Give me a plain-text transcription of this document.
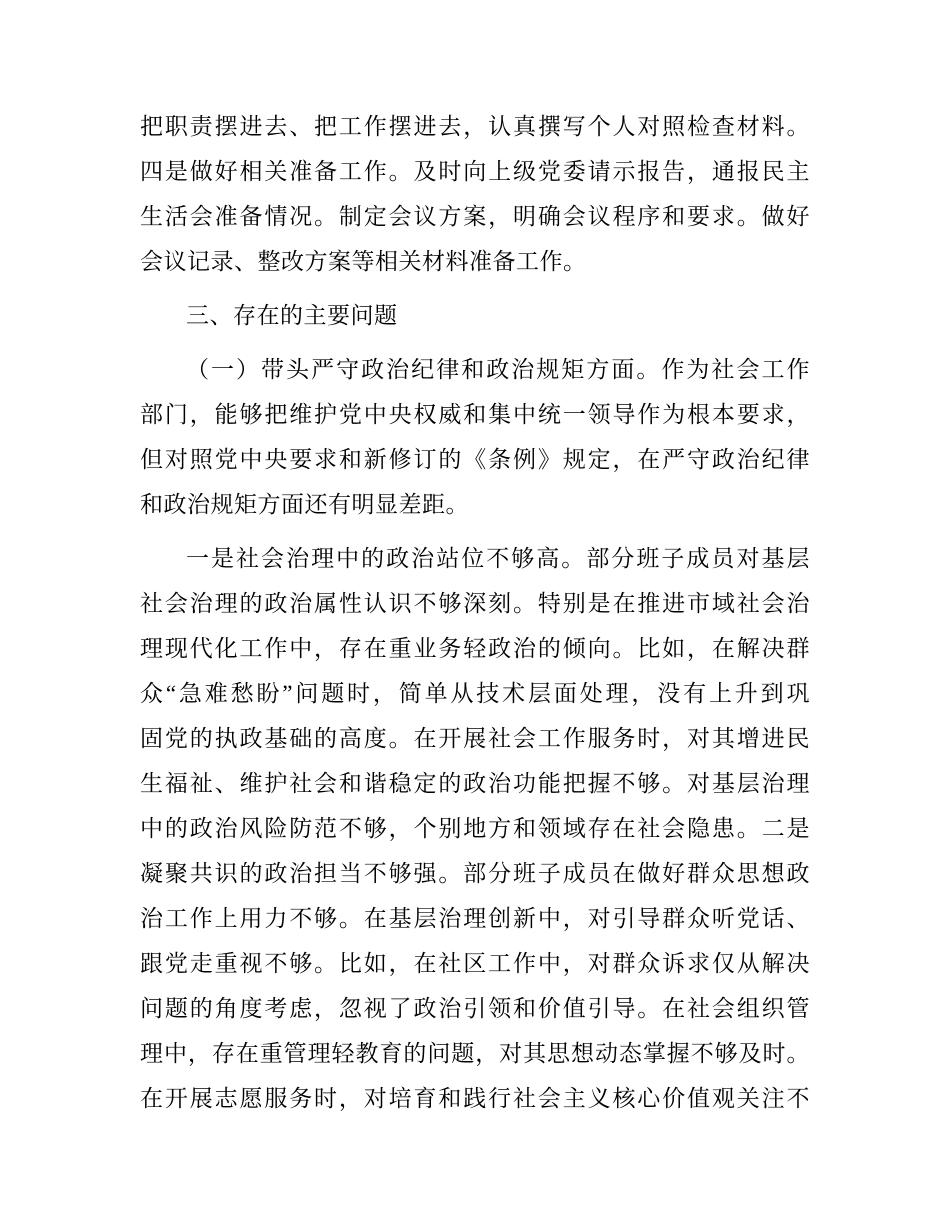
把职责摆进去、把工作摆进去，认真撰写个人对照检查材料。
四是做好相关准备工作。及时向上级党委请示报告，通报民主
生活会准备情况。制定会议方案，明确会议程序和要求。做好
会议记录、整改方案等相关材料准备工作。
三、存在的主要问题
（一）带头严守政治纪律和政治规矩方面。作为社会工作
部门，能够把维护党中央权威和集中统一领导作为根本要求，
但对照党中央要求和新修订的《条例》规定，在严守政治纪律
和政治规矩方面还有明显差距。
一是社会治理中的政治站位不够高。部分班子成员对基层
社会治理的政治属性认识不够深刻。特别是在推进市域社会治
理现代化工作中，存在重业务轻政治的倾向。比如，在解决群
众“急难愁盼”问题时，简单从技术层面处理，没有上升到巩
固党的执政基础的高度。在开展社会工作服务时，对其增进民
生福祉、维护社会和谐稳定的政治功能把握不够。对基层治理
中的政治风险防范不够，个别地方和领域存在社会隐患。二是
凝聚共识的政治担当不够强。部分班子成员在做好群众思想政
治工作上用力不够。在基层治理创新中，对引导群众听党话、
跟党走重视不够。比如，在社区工作中，对群众诉求仅从解决
问题的角度考虑，忽视了政治引领和价值引导。在社会组织管
理中，存在重管理轻教育的问题，对其思想动态掌握不够及时。
在开展志愿服务时，对培育和践行社会主义核心价值观关注不
